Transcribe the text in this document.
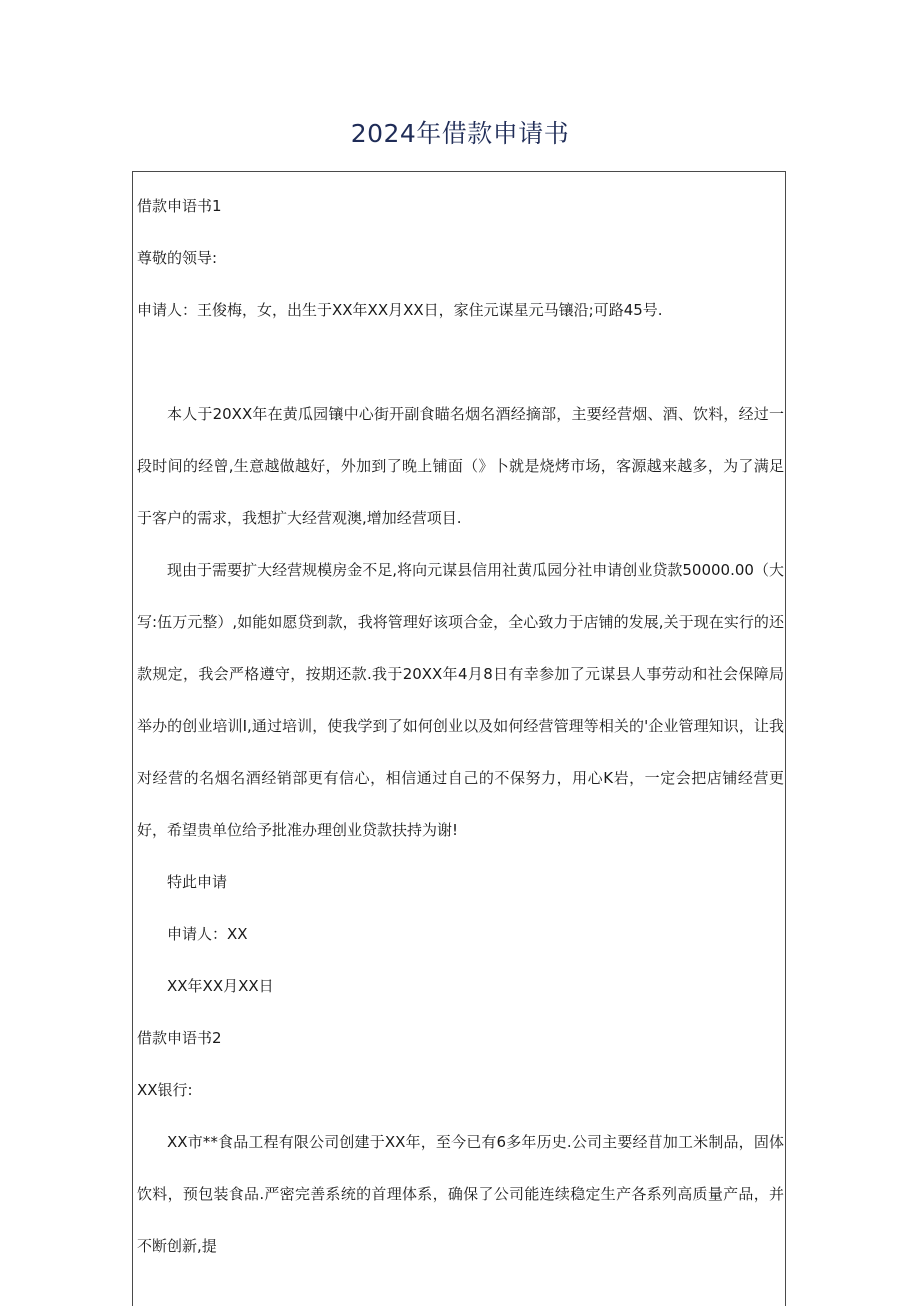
2024年借款申请书

借款申语书1

尊敬的领导:

申请人：王俊梅，女，出生于XX年XX月XX日，家住元谋星元马镶沿;可路45号.

本人于20XX年在黄瓜园镶中心街开副食瞄名烟名酒经摘部，主要经营烟、酒、饮料，经过一段时间的经曾,生意越做越好，外加到了晚上铺面（》卜就是烧烤市场，客源越来越多，为了满足于客户的需求，我想扩大经营观澳,增加经营项目.

现由于需要扩大经营规模房金不足,将向元谋县信用社黄瓜园分社申请创业贷款50000.00（大写:伍万元整）,如能如愿贷到款，我将管理好该项合金，全心致力于店铺的发展,关于现在实行的还款规定，我会严格遵守，按期还款.我于20XX年4月8日有幸参加了元谋县人事劳动和社会保障局举办的创业培训I,通过培训，使我学到了如何创业以及如何经营管理等相关的'企业管理知识，让我对经营的名烟名酒经销部更有信心，相信通过自己的不保努力，用心K岩，一定会把店铺经营更好，希望贵单位给予批准办理创业贷款扶持为谢!

特此申请

申请人：XX

XX年XX月XX日

借款申语书2

XX银行:

XX市**食品工程有限公司创建于XX年，至今已有6多年历史.公司主要经苜加工米制品，固体饮料，预包装食品.严密完善系统的首理体系，确保了公司能连续稳定生产各系列高质量产品，并不断创新,提
